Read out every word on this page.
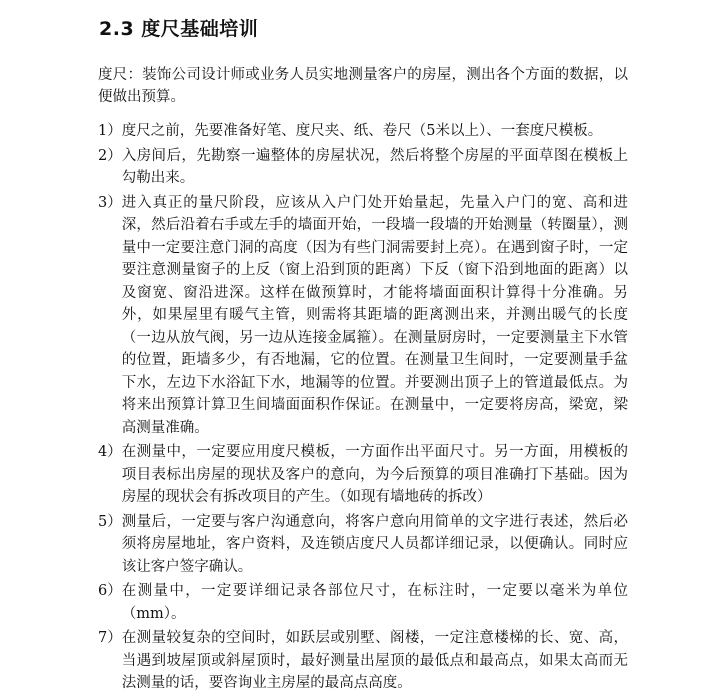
2.3 度尺基础培训
度尺：装饰公司设计师或业务人员实地测量客户的房屋，测出各个方面的数据，以便做出预算。
1） 度尺之前，先要准备好笔、度尺夹、纸、卷尺（5米以上）、一套度尺模板。
2） 入房间后，先勘察一遍整体的房屋状况，然后将整个房屋的平面草图在模板上勾勒出来。
3） 进入真正的量尺阶段，应该从入户门处开始量起，先量入户门的宽、高和进深，然后沿着右手或左手的墙面开始，一段墙一段墙的开始测量（转圈量），测量中一定要注意门洞的高度（因为有些门洞需要封上亮）。在遇到窗子时，一定要注意测量窗子的上反（窗上沿到顶的距离）下反（窗下沿到地面的距离）以及窗宽、窗沿进深。这样在做预算时，才能将墙面面积计算得十分准确。另外，如果屋里有暖气主管，则需将其距墙的距离测出来，并测出暖气的长度（一边从放气阀，另一边从连接金属箍）。在测量厨房时，一定要测量主下水管的位置，距墙多少，有否地漏，它的位置。在测量卫生间时，一定要测量手盆下水，左边下水浴缸下水，地漏等的位置。并要测出顶子上的管道最低点。为将来出预算计算卫生间墙面面积作保证。在测量中，一定要将房高，梁宽，梁高测量准确。
4） 在测量中，一定要应用度尺模板，一方面作出平面尺寸。另一方面，用模板的项目表标出房屋的现状及客户的意向，为今后预算的项目准确打下基础。因为房屋的现状会有拆改项目的产生。（如现有墙地砖的拆改）
5） 测量后，一定要与客户沟通意向，将客户意向用简单的文字进行表述，然后必须将房屋地址，客户资料，及连锁店度尺人员都详细记录，以便确认。同时应该让客户签字确认。
6） 在测量中，一定要详细记录各部位尺寸，在标注时，一定要以毫米为单位（mm）。
7） 在测量较复杂的空间时，如跃层或别墅、阁楼，一定注意楼梯的长、宽、高，当遇到坡屋顶或斜屋顶时，最好测量出屋顶的最低点和最高点，如果太高而无法测量的话，要咨询业主房屋的最高点高度。
